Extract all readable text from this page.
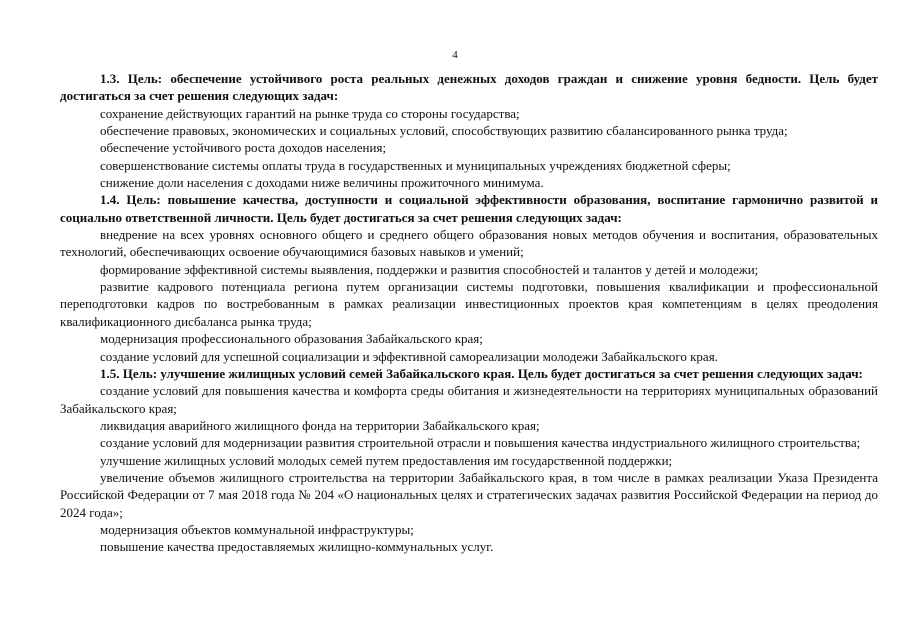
4

1.3. Цель: обеспечение устойчивого роста реальных денежных доходов граждан и снижение уровня бедности. Цель будет достигаться за счет решения следующих задач:

сохранение действующих гарантий на рынке труда со стороны государства;

обеспечение правовых, экономических и социальных условий, способствующих развитию сбалансированного рынка труда;

обеспечение устойчивого роста доходов населения;

совершенствование системы оплаты труда в государственных и муниципальных учреждениях бюджетной сферы;

снижение доли населения с доходами ниже величины прожиточного минимума.

1.4. Цель: повышение качества, доступности и социальной эффективности образования, воспитание гармонично развитой и социально ответственной личности. Цель будет достигаться за счет решения следующих задач:

внедрение на всех уровнях основного общего и среднего общего образования новых методов обучения и воспитания, образовательных технологий, обеспечивающих освоение обучающимися базовых навыков и умений;

формирование эффективной системы выявления, поддержки и развития способностей и талантов у детей и молодежи;

развитие кадрового потенциала региона путем организации системы подготовки, повышения квалификации и профессиональной переподготовки кадров по востребованным в рамках реализации инвестиционных проектов края компетенциям в целях преодоления квалификационного дисбаланса рынка труда;

модернизация профессионального образования Забайкальского края;

создание условий для успешной социализации и эффективной самореализации молодежи Забайкальского края.

1.5. Цель: улучшение жилищных условий семей Забайкальского края. Цель будет достигаться за счет решения следующих задач:

создание условий для повышения качества и комфорта среды обитания и жизнедеятельности на территориях муниципальных образований Забайкальского края;

ликвидация аварийного жилищного фонда на территории Забайкальского края;

создание условий для модернизации развития строительной отрасли и повышения качества индустриального жилищного строительства;

улучшение жилищных условий молодых семей путем предоставления им государственной поддержки;

увеличение объемов жилищного строительства на территории Забайкальского края, в том числе в рамках реализации Указа Президента Российской Федерации от 7 мая 2018 года № 204 «О национальных целях и стратегических задачах развития Российской Федерации на период до 2024 года»;

модернизация объектов коммунальной инфраструктуры;

повышение качества предоставляемых жилищно-коммунальных услуг.
